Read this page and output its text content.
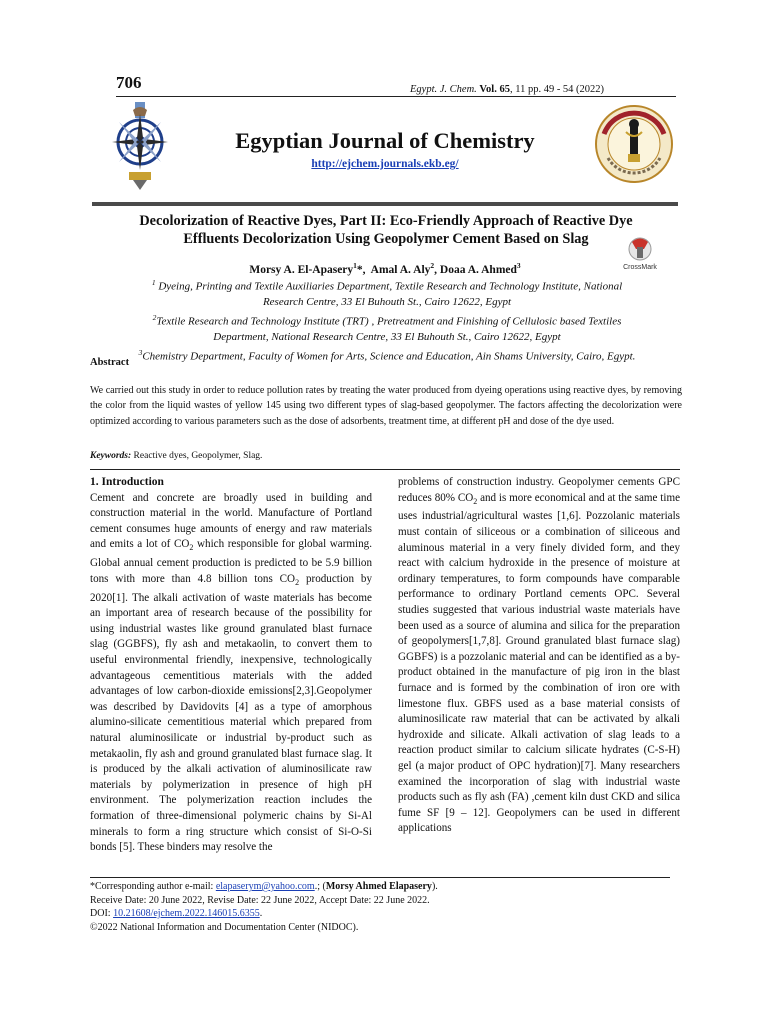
706	Egypt. J. Chem. Vol. 65, 11 pp. 49 - 54 (2022)
Egyptian Journal of Chemistry
http://ejchem.journals.ekb.eg/
Decolorization of Reactive Dyes, Part II: Eco-Friendly Approach of Reactive Dye
Effluents Decolorization Using Geopolymer Cement Based on Slag
CrossMark
Morsy A. El-Apasery$^1$*,  Amal A. Aly$^2$, Doaa A. Ahmed$^3$
$^1$ Dyeing, Printing and Textile Auxiliaries Department, Textile Research and Technology Institute, National
Research Centre, 33 El Buhouth St., Cairo 12622, Egypt
$^2$Textile Research and Technology Institute (TRT) , Pretreatment and Finishing of Cellulosic based Textiles
Department, National Research Centre, 33 El Buhouth St., Cairo 12622, Egypt
$^3$Chemistry Department, Faculty of Women for Arts, Science and Education, Ain Shams University, Cairo, Egypt.
Abstract
We carried out this study in order to reduce pollution rates by treating the water produced from dyeing operations using reactive dyes, by removing the color from the liquid wastes of yellow 145 using two different types of slag-based geopolymer. The factors affecting the decolorization were optimized according to various parameters such as the dose of adsorbents, treatment time, at different pH and dose of the dye used.
Keywords: Reactive dyes, Geopolymer, Slag.
1. Introduction

Cement and concrete are broadly used in building and construction material in the world. Manufacture of Portland cement consumes huge amounts of energy and raw materials and emits a lot of $CO_2$ which responsible for global warming. Global annual cement production is predicted to be 5.9 billion tons with more than 4.8 billion tons $CO_2$ production by 2020[1]. The alkali activation of waste materials has become an important area of research because of the possibility for using industrial wastes like ground granulated blast furnace slag (GGBFS), fly ash and metakaolin, to convert them to useful environmental friendly, inexpensive, technologically advantageous cementitious materials with the added advantages of low carbon-dioxide emissions[2,3].Geopolymer was described by Davidovits [4] as a type of amorphous alumino-silicate cementitious material which prepared from natural aluminosilicate or industrial by-product such as metakaolin, fly ash and ground granulated blast furnace slag. It is produced by the alkali activation of aluminosilicate raw materials by polymerization in presence of high pH environment. The polymerization reaction includes the formation of three-dimensional polymeric chains by Si-Al minerals to form a ring structure which consist of Si-O-Si bonds [5]. These binders may resolve the

problems of construction industry. Geopolymer cements GPC reduces 80% $CO_2$ and is more economical and at the same time uses industrial/agricultural wastes [1,6]. Pozzolanic materials must contain of siliceous or a combination of siliceous and aluminous material in a very finely divided form, and they react with calcium hydroxide in the presence of moisture at ordinary temperatures, to form compounds have comparable performance to ordinary Portland cements OPC. Several studies suggested that various industrial waste materials have been used as a source of alumina and silica for the preparation of geopolymers[1,7,8]. Ground granulated blast furnace slag) GGBFS) is a pozzolanic material and can be identified as a by-product obtained in the manufacture of pig iron in the blast furnace and is formed by the combination of iron ore with limestone flux. GBFS used as a base material consists of aluminosilicate raw material that can be activated by alkali hydroxide and silicate. Alkali activation of slag leads to a reaction product similar to calcium silicate hydrates (C-S-H) gel (a major product of OPC hydration)[7]. Many researchers examined the incorporation of slag with industrial waste products such as fly ash (FA) ,cement kiln dust CKD and silica fume SF [9 – 12]. Geopolymers can be used in different applications

*Corresponding author e-mail: elapaserym@yahoo.com.; (Morsy Ahmed Elapasery).
Receive Date: 20 June 2022, Revise Date: 22 June 2022, Accept Date: 22 June 2022.
DOI: 10.21608/ejchem.2022.146015.6355.
©2022 National Information and Documentation Center (NIDOC).
